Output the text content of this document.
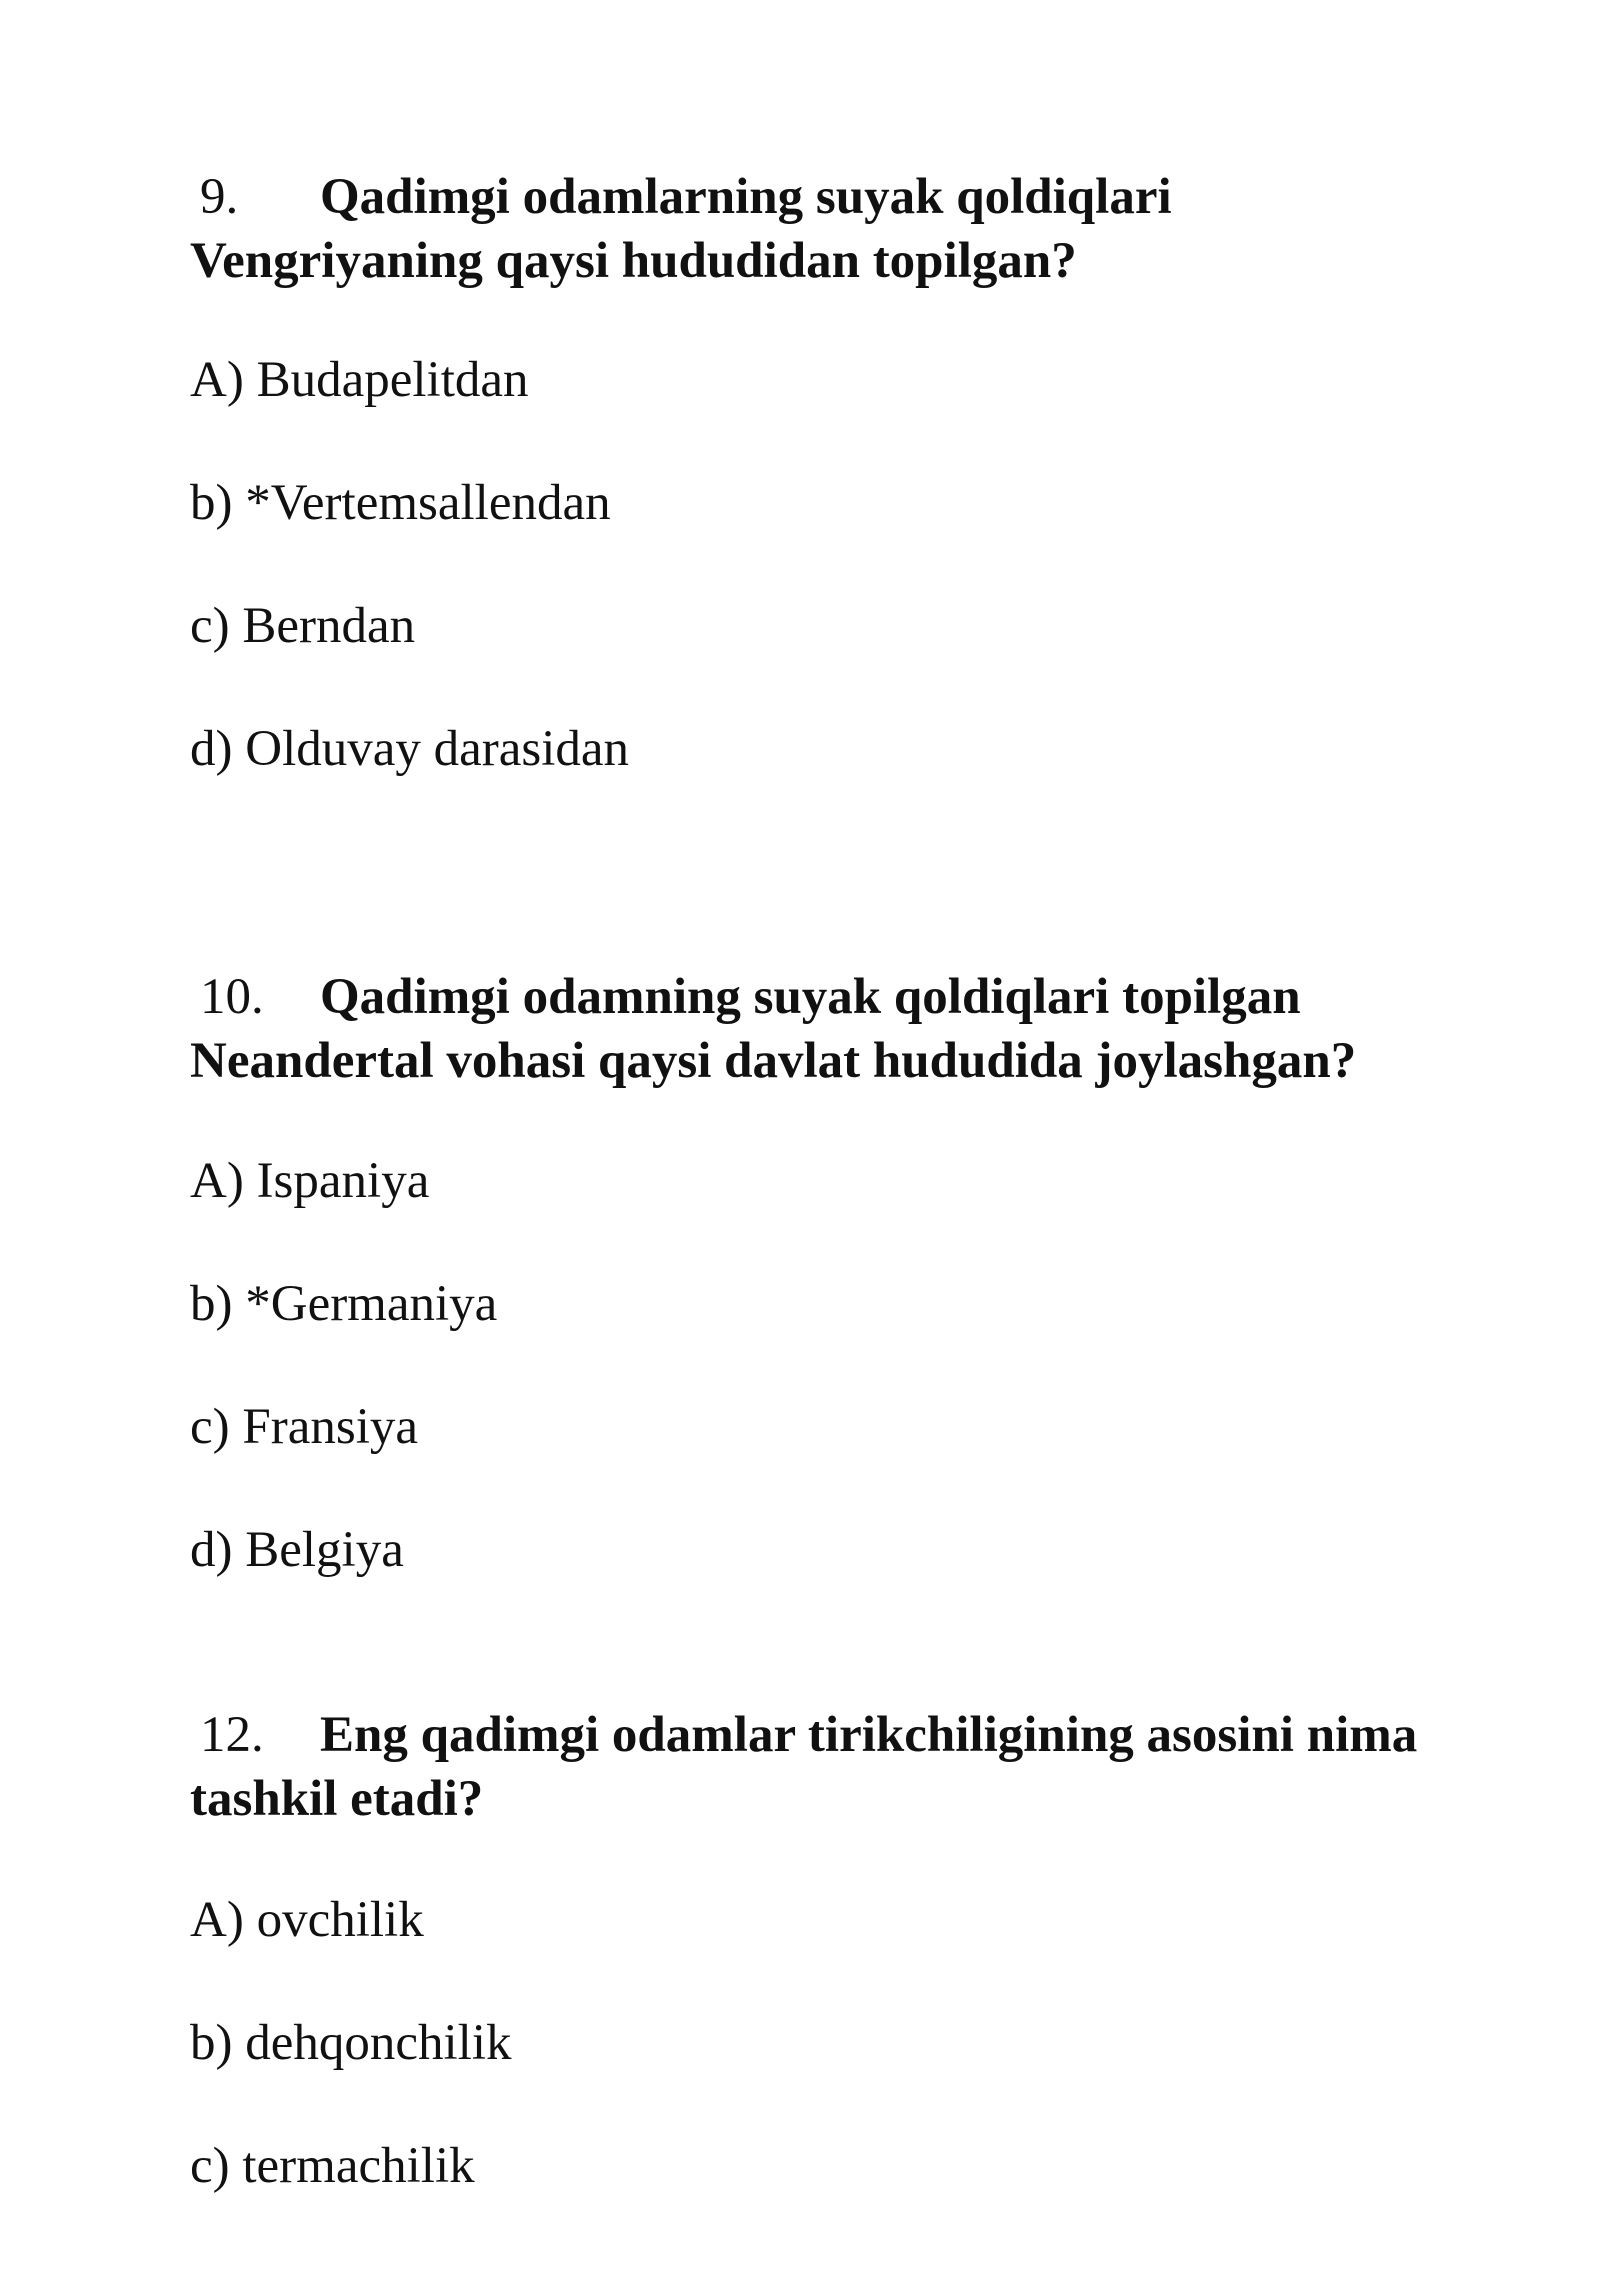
9. Qadimgi odamlarning suyak qoldiqlari Vengriyaning qaysi hududidan topilgan?

A) Budapelitdan

b) *Vertemsallendan

c) Berndan

d) Olduvay darasidan

10. Qadimgi odamning suyak qoldiqlari topilgan Neandertal vohasi qaysi davlat hududida joylashgan?

A) Ispaniya

b) *Germaniya

c) Fransiya

d) Belgiya

12. Eng qadimgi odamlar tirikchiligining asosini nima tashkil etadi?

A) ovchilik

b) dehqonchilik

c) termachilik
